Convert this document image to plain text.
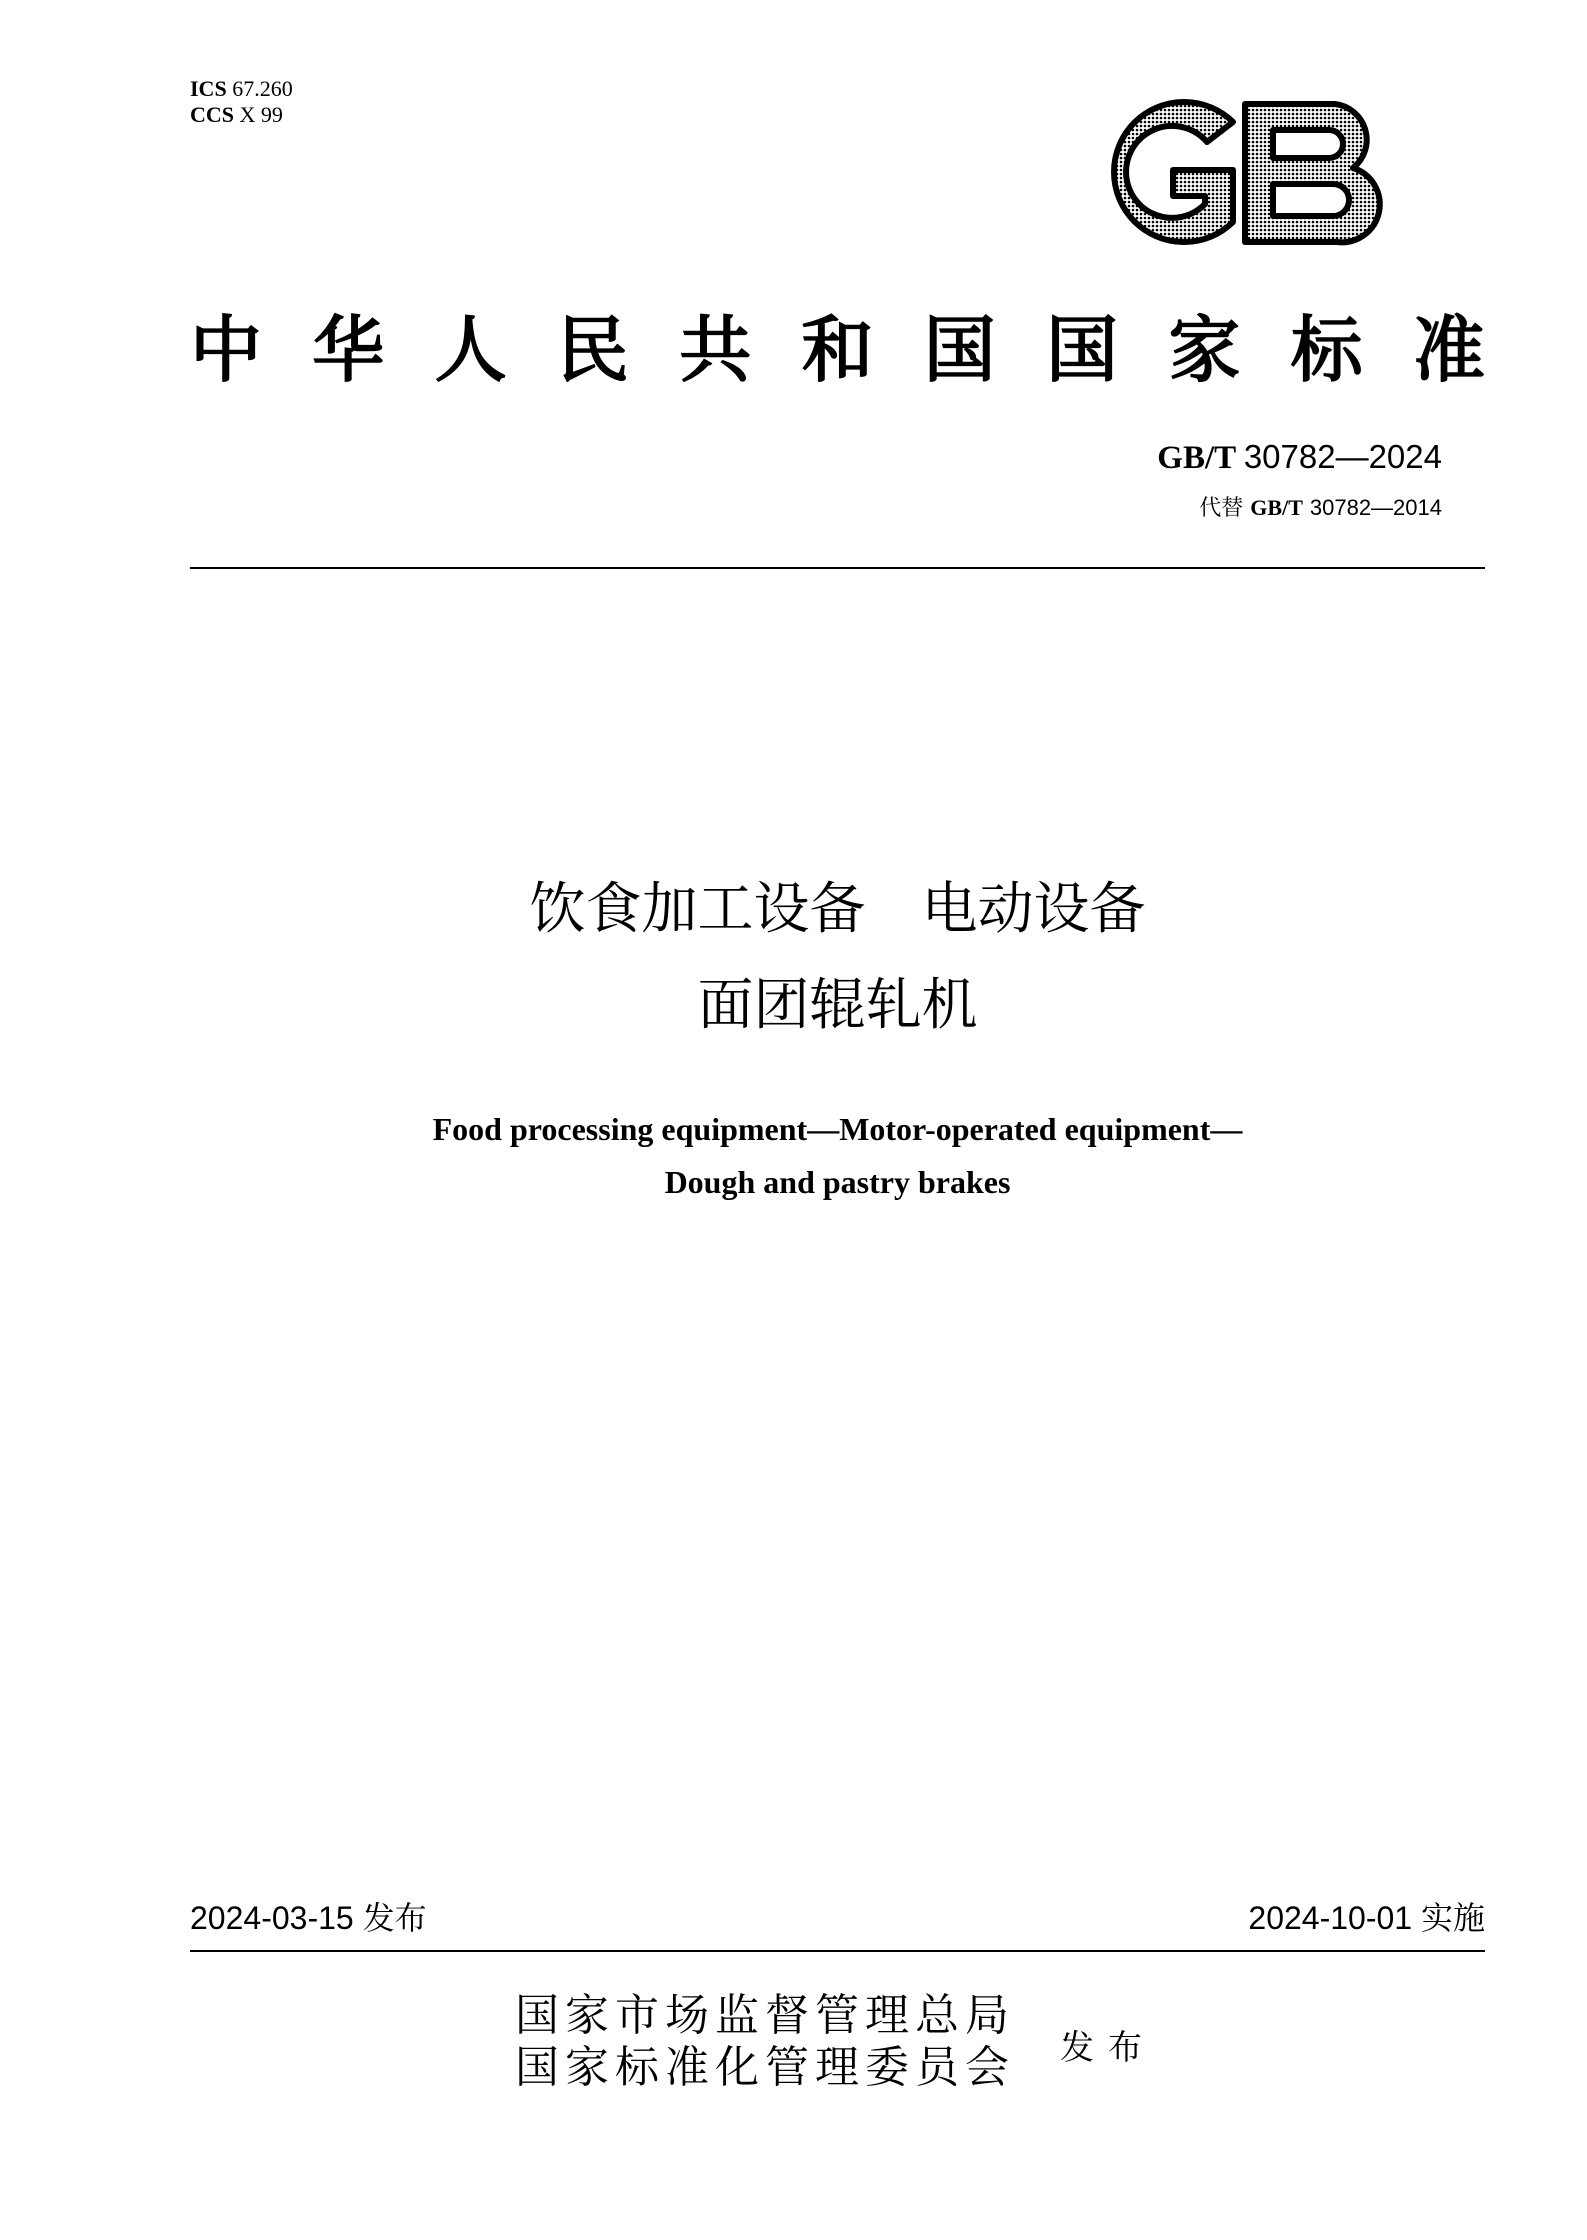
ICS 67.260
CCS X 99
中 华 人 民 共 和 国 国 家 标 准
GB/T 30782—2024
代替 GB/T 30782—2014
饮食加工设备　电动设备
面团辊轧机
Food processing equipment—Motor-operated equipment—
Dough and pastry brakes
2024-03-15 发布	2024-10-01 实施
国家市场监督管理总局
国家标准化管理委员会 发布
